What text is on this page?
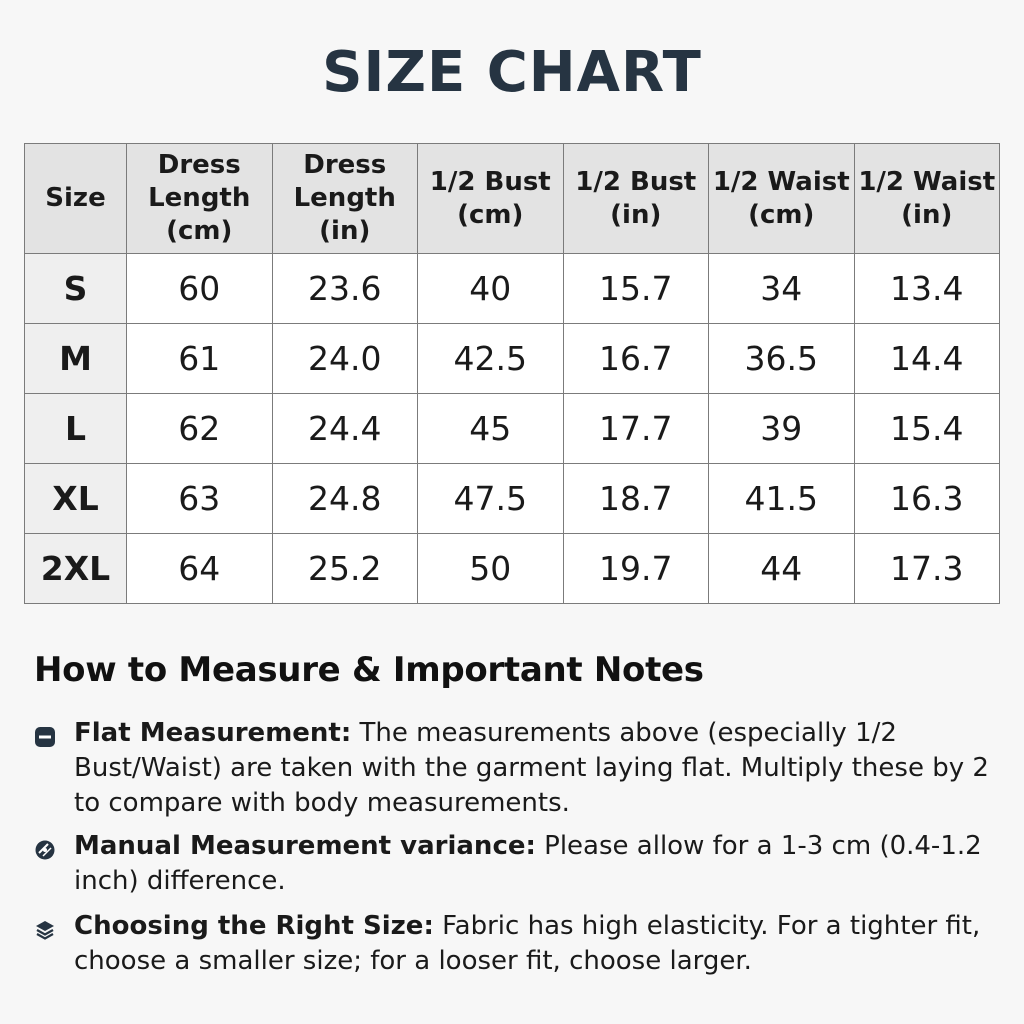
SIZE CHART
Size	Dress Length (cm)	Dress Length (in)	1/2 Bust (cm)	1/2 Bust (in)	1/2 Waist (cm)	1/2 Waist (in)
S	60	23.6	40	15.7	34	13.4
M	61	24.0	42.5	16.7	36.5	14.4
L	62	24.4	45	17.7	39	15.4
XL	63	24.8	47.5	18.7	41.5	16.3
2XL	64	25.2	50	19.7	44	17.3
How to Measure & Important Notes
Flat Measurement: The measurements above (especially 1/2 Bust/Waist) are taken with the garment laying flat. Multiply these by 2 to compare with body measurements.
Manual Measurement variance: Please allow for a 1-3 cm (0.4-1.2 inch) difference.
Choosing the Right Size: Fabric has high elasticity. For a tighter fit, choose a smaller size; for a looser fit, choose larger.
